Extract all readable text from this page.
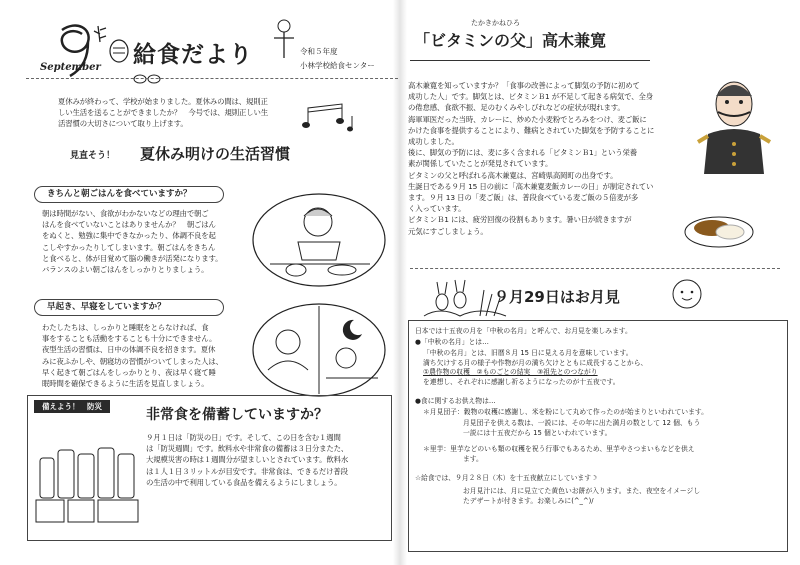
September 給食だより	令和５年度
小林学校給食センター
夏休みが終わって、学校が始まりました。夏休みの間は、規則正
しい生活を送ることができましたか？　今号では、規則正しい生
活習慣の大切さについて取り上げます。
見直そう！ 夏休み明けの生活習慣
きちんと朝ごはんを食べていますか？
朝は時間がない、食欲がわかないなどの理由で朝ご
はんを食べていないことはありませんか？　朝ごはん
をぬくと、勉強に集中できなかったり、体調不良を起
こしやすかったりしてしまいます。朝ごはんをきちん
と食べると、体が目覚めて脳の働きが活発になります。
バランスのよい朝ごはんをしっかりとりましょう。
早起き、早寝をしていますか？
わたしたちは、しっかりと睡眠をとらなければ、食
事をすることも活動をすることも十分にできません。
夜型生活の習慣は、日中の体調不良を招きます。夏休
みに夜ふかしや、朝寝坊の習慣がついてしまった人は、
早く起きて朝ごはんをしっかりとり、夜は早く寝て睡
眠時間を確保できるように生活を見直しましょう。
備えよう！　防災
非常食を備蓄していますか？
９月１日は「防災の日」です。そして、この日を含む１週間
は「防災週間」です。飲料水や非常食の備蓄は３日分またた、
大規模災害の時は１週間分が望ましいとされています。飲料水
は１人１日３リットルが目安です。非常食は、できるだけ普段
の生活の中で利用している食品を備えるようにしましょう。
たかきかねひろ
「ビタミンの父」高木兼寛
高木兼寛を知っていますか？「食事の改善によって脚気の予防に初めて
成功した人」です。脚気とは、ビタミンＢ1 が不足して起きる病気で、全身
の倦怠感、食欲不振、足のむくみやしびれなどの症状が現れます。
海軍軍医だった当時、カレーに、炒めた小麦粉でとろみをつけ、麦ご飯に
かけた食事を提供することにより、難病とされていた脚気を予防することに
成功しました。
後に、脚気の予防には、麦に多く含まれる「ビタミンＢ1」という栄養
素が関係していたことが発見されています。
ビタミンの父と呼ばれる高木兼寛は、宮崎県高岡町の出身です。
生誕日である９月 15 日の前に「高木兼寛麦飯カレーの日」が制定されてい
ます。９月 13 日の「麦ご飯」は、普段食べている麦ご飯の５倍麦が多
く入っています。
ビタミンＢ1 には、疲労回復の役割もあります。暑い日が続きますが
元気にすごしましょう。
９月29日はお月見
日本では十五夜の月を「中秋の名月」と呼んで、お月見を楽しみます。
●「中秋の名月」とは…
「中秋の名月」とは、旧暦８月 15 日に見える月を意味しています。
満ち欠けする月の様子や作物が月の満ち欠けとともに成長することから、
①農作物の収穫　②ものごとの結実　③祖先とのつながり
を連想し、それぞれに感謝し祈るようになったのが十五夜です。
●食に関するお供え物は…
＊月見団子：穀物の収穫に感謝し、米を粉にして丸めて作ったのが始まりといわれています。
月見団子を供える数は、一説には、その年に出た満月の数として 12 個、もう
一説には十五夜だから 15 個といわれています。
＊里芋：里芋などのいも類の収穫を祝う行事でもあるため、里芋やさつまいもなどを供え
ます。
☆給食では、９月２８日（木）を十五夜献立にしています☽
お月見汁には、月に見立てた黄色いお餅が入ります。また、夜空をイメージし
たデザートが付きます。お楽しみに(^_^)/
